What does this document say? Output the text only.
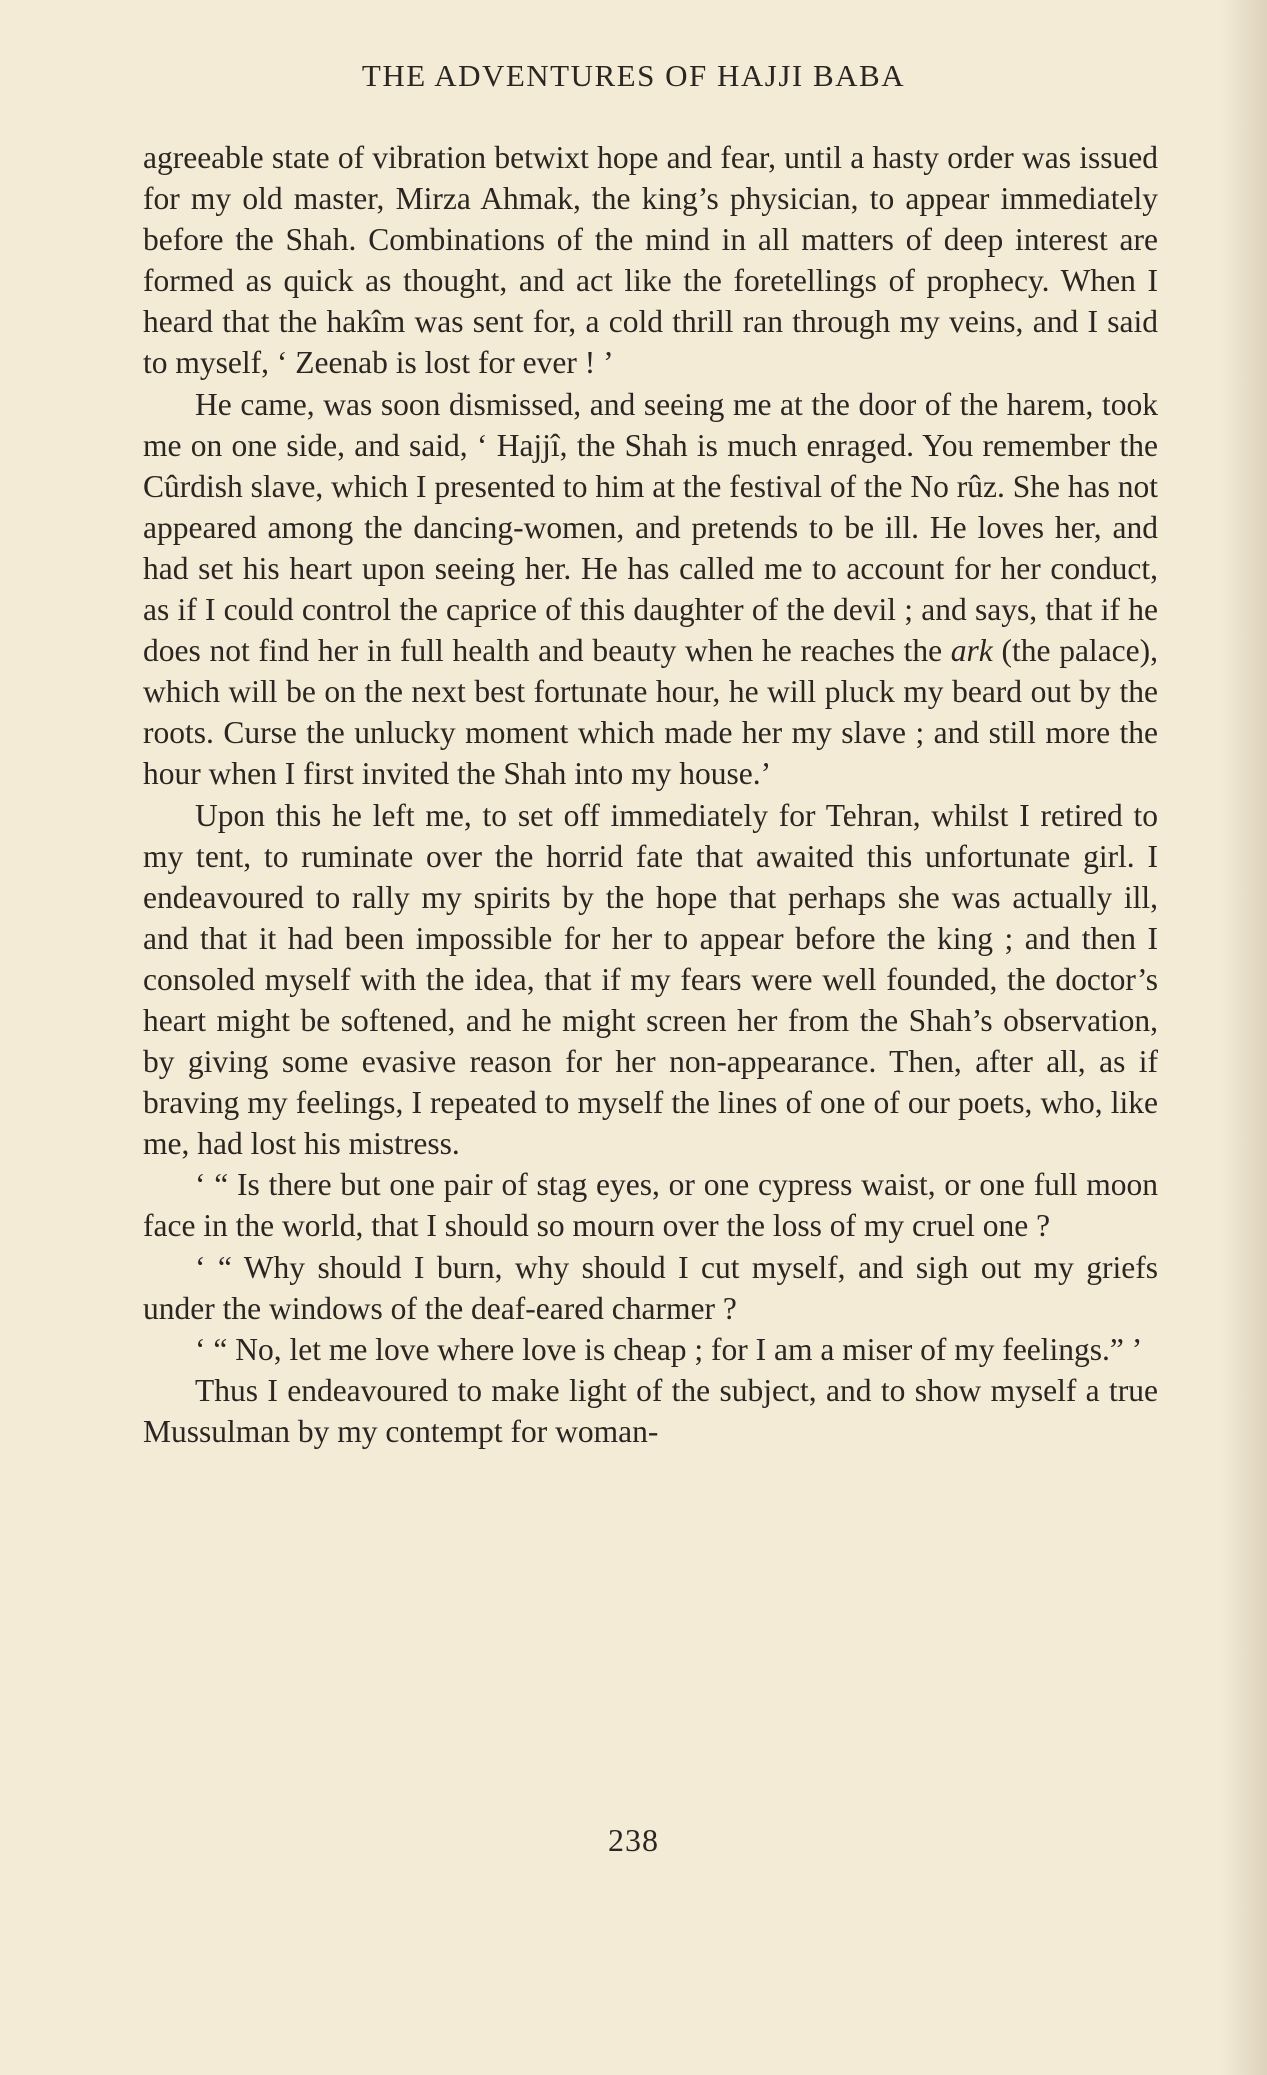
THE ADVENTURES OF HAJJI BABA

agreeable state of vibration betwixt hope and fear, until a hasty order was issued for my old master, Mirza Ahmak, the king’s physician, to appear immediately before the Shah. Combinations of the mind in all matters of deep interest are formed as quick as thought, and act like the foretellings of prophecy. When I heard that the hakîm was sent for, a cold thrill ran through my veins, and I said to myself, ‘ Zeenab is lost for ever ! ’

He came, was soon dismissed, and seeing me at the door of the harem, took me on one side, and said, ‘ Hajjî, the Shah is much enraged. You remember the Cûrdish slave, which I presented to him at the festival of the No rûz. She has not appeared among the dancing-women, and pretends to be ill. He loves her, and had set his heart upon seeing her. He has called me to account for her conduct, as if I could control the caprice of this daughter of the devil ; and says, that if he does not find her in full health and beauty when he reaches the ark (the palace), which will be on the next best fortunate hour, he will pluck my beard out by the roots. Curse the unlucky moment which made her my slave ; and still more the hour when I first invited the Shah into my house.’

Upon this he left me, to set off immediately for Tehran, whilst I retired to my tent, to ruminate over the horrid fate that awaited this unfortunate girl. I endeavoured to rally my spirits by the hope that perhaps she was actually ill, and that it had been impossible for her to appear before the king ; and then I consoled myself with the idea, that if my fears were well founded, the doctor’s heart might be softened, and he might screen her from the Shah’s observation, by giving some evasive reason for her non-appearance. Then, after all, as if braving my feelings, I repeated to myself the lines of one of our poets, who, like me, had lost his mistress.

‘ “ Is there but one pair of stag eyes, or one cypress waist, or one full moon face in the world, that I should so mourn over the loss of my cruel one ?

‘ “ Why should I burn, why should I cut myself, and sigh out my griefs under the windows of the deaf-eared charmer ?

‘ “ No, let me love where love is cheap ; for I am a miser of my feelings.” ’

Thus I endeavoured to make light of the subject, and to show myself a true Mussulman by my contempt for woman-

238
